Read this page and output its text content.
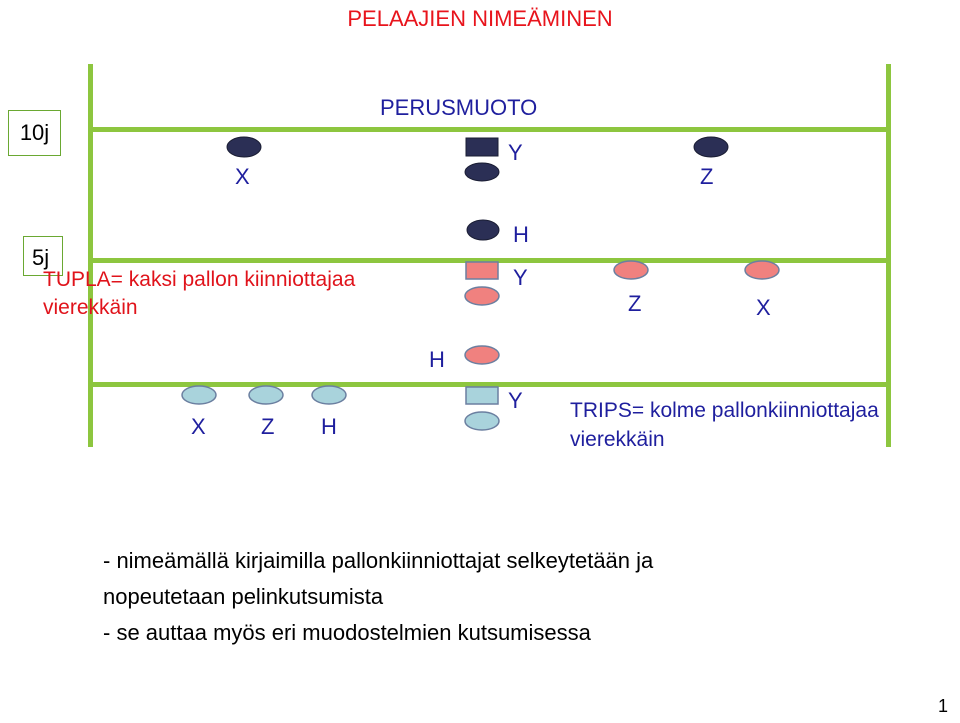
PELAAJIEN NIMEÄMINEN
10j
5j
PERUSMUOTO
X
Y
Z
TUPLA= kaksi pallon kiinniottajaa
vierekkäin
H
Y
Z	X
H
X	Z H
Y TRIPS= kolme pallonkiinniottajaa
vierekkäin
- nimeämällä kirjaimilla pallonkiinniottajat selkeytetään ja
nopeutetaan pelinkutsumista
- se auttaa myös eri muodostelmien kutsumisessa
1
